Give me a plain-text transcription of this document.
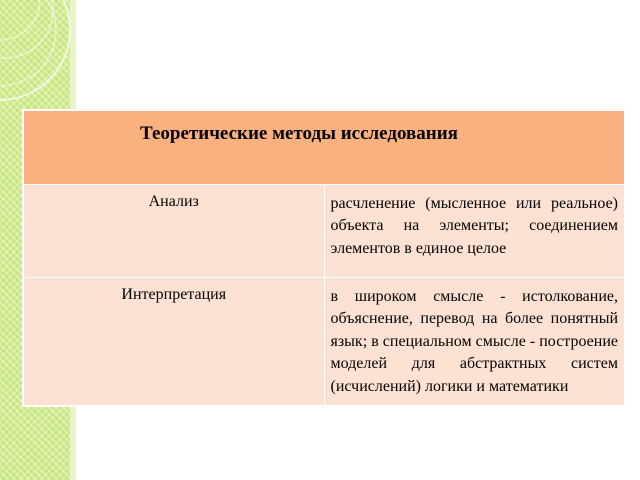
Теоретические методы исследования	
Анализ	расчленение (мысленное или реальное) объекта на элементы; соединением элементов в единое целое
Интерпретация	в широком смысле - истолкование, объяснение, перевод на более понятный язык; в специальном смысле - построение моделей для абстрактных систем (исчислений) логики и математики
